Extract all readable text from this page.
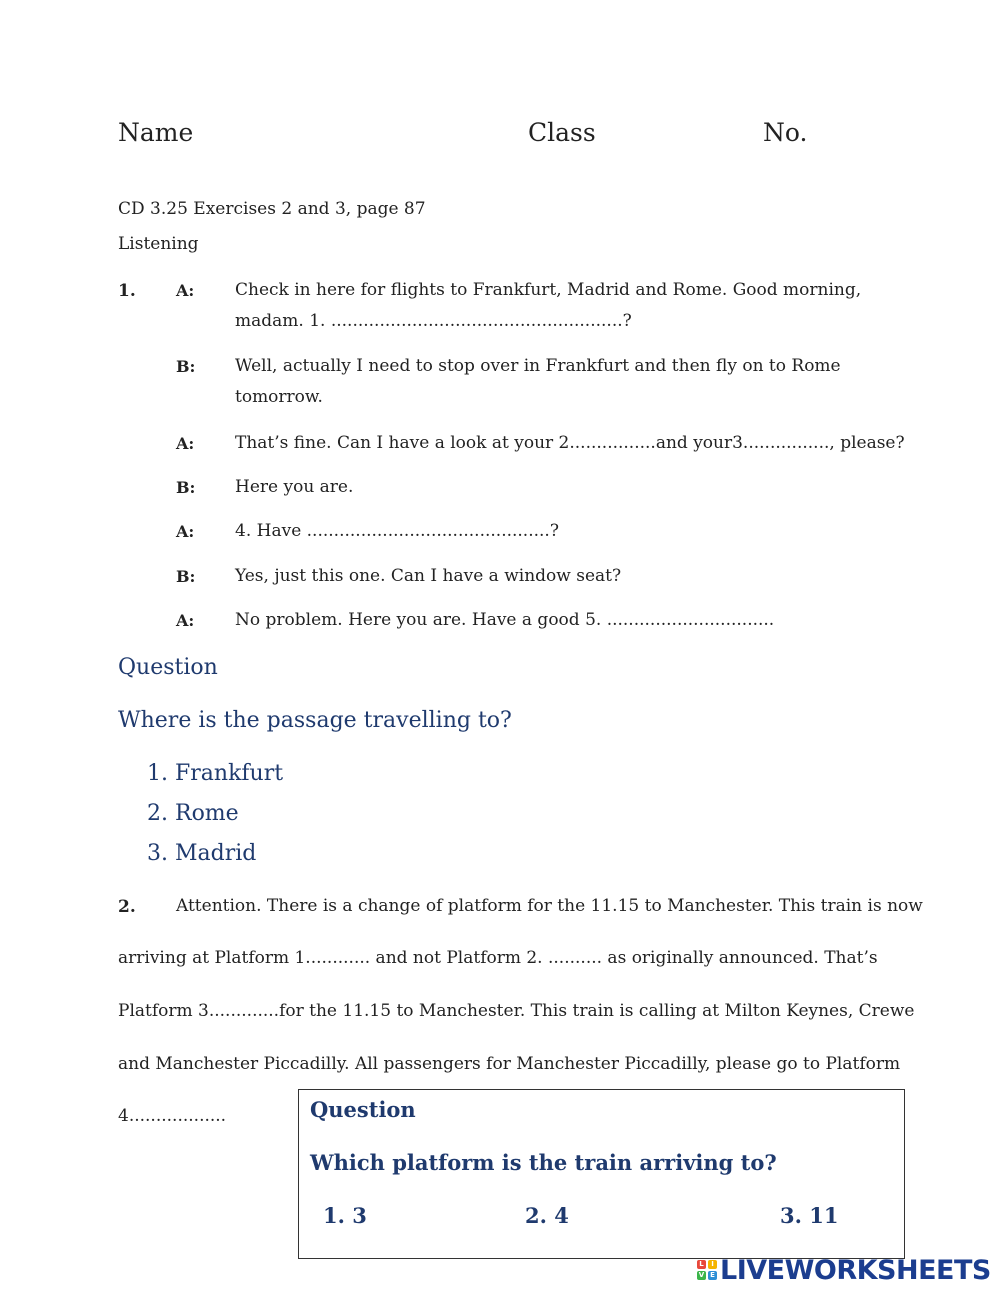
Name	Class	No.
CD 3.25 Exercises 2 and 3, page 87
Listening
1.	A: Check in here for flights to Frankfurt, Madrid and Rome. Good morning,
madam. 1. ......................................................?
B: Well, actually I need to stop over in Frankfurt and then fly on to Rome
tomorrow.
A: That’s fine. Can I have a look at your 2................and your3................, please?
B: Here you are.
A: 4. Have .............................................?
B: Yes, just this one. Can I have a window seat?
A: No problem. Here you are. Have a good 5. ...............................
Question
Where is the passage travelling to?
1. Frankfurt
2. Rome
3. Madrid
2. Attention. There is a change of platform for the 11.15 to Manchester. This train is now
arriving at Platform 1............ and not Platform 2. .......... as originally announced. That’s
Platform 3.............for the 11.15 to Manchester. This train is calling at Milton Keynes, Crewe
and Manchester Piccadilly. All passengers for Manchester Piccadilly, please go to Platform
4..................	Question
Which platform is the train arriving to?
1. 3	2. 4	3. 11
L	I
V E LIVEWORKSHEETS
